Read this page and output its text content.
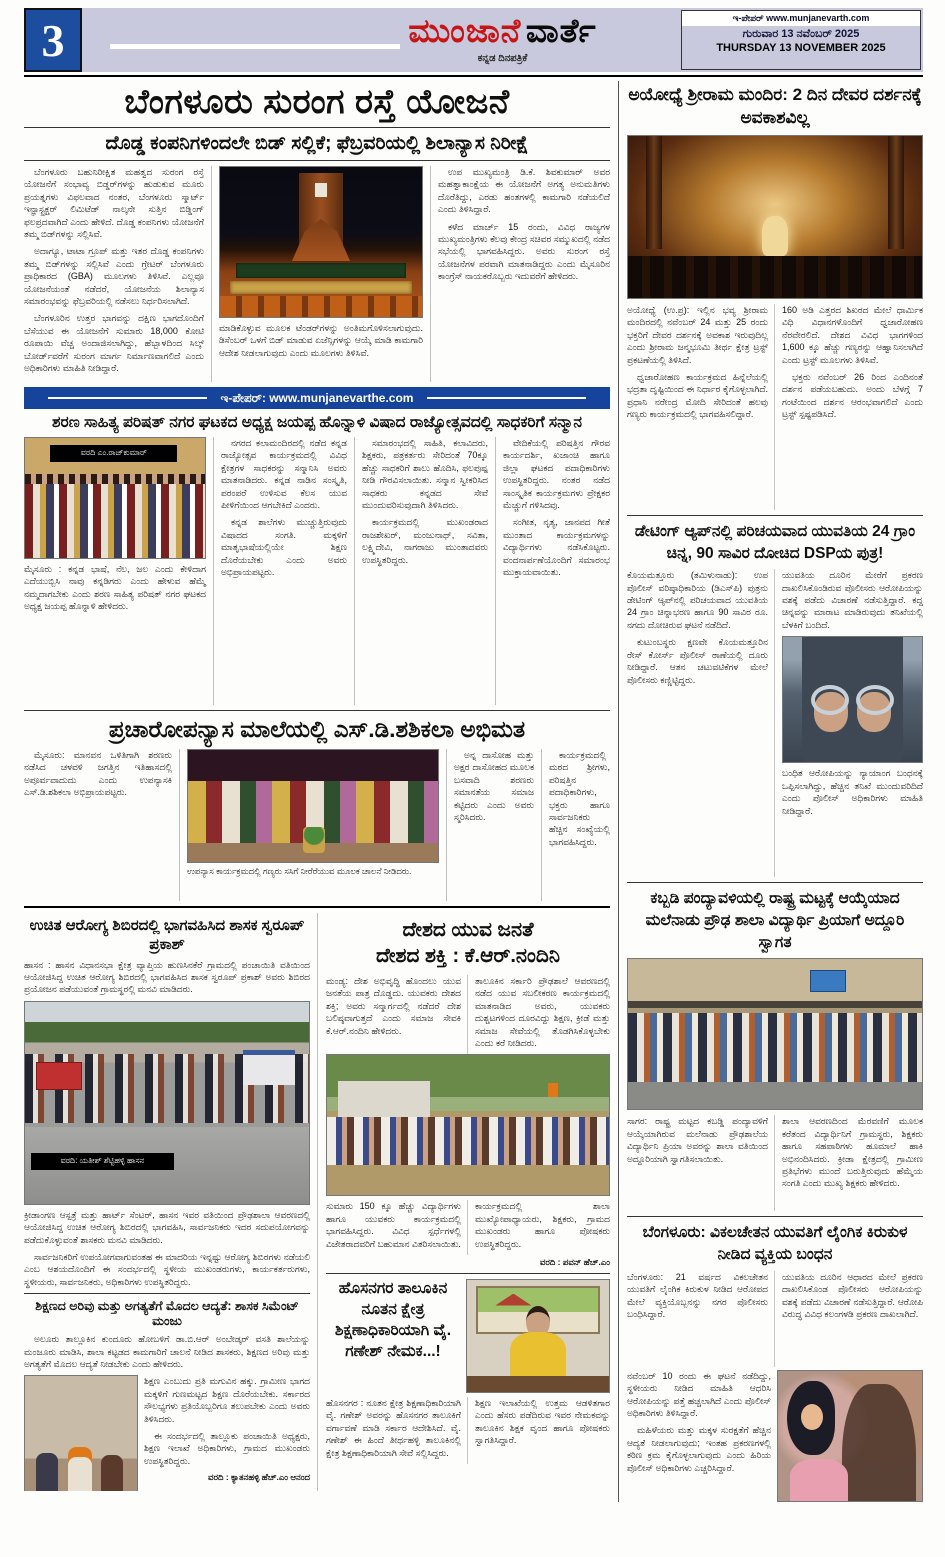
3	ಮುಂಜಾನೆ ವಾರ್ತೆ
ಕನ್ನಡ ದಿನಪತ್ರಿಕೆ
ಇ-ಪೇಪರ್ www.munjanevarth.com
ಗುರುವಾರ 13 ನವೆಂಬರ್ 2025
THURSDAY 13 NOVEMBER 2025
ಬೆಂಗಳೂರು ಸುರಂಗ ರಸ್ತೆ ಯೋಜನೆ
ದೊಡ್ಡ ಕಂಪನಿಗಳಿಂದಲೇ ಬಿಡ್ ಸಲ್ಲಿಕೆ; ಫೆಬ್ರವರಿಯಲ್ಲಿ ಶಿಲಾನ್ಯಾಸ ನಿರೀಕ್ಷೆ

ಬೆಂಗಳೂರು ಬಹುನಿರೀಕ್ಷಿತ ಮಹತ್ವದ ಸುರಂಗ ರಸ್ತೆ ಯೋಜನೆಗೆ ಸಂಭಾವ್ಯ ಬಿಡ್ಡರ್‌ಗಳನ್ನು ಹುಡುಕುವ ಮೂರು ಪ್ರಯತ್ನಗಳು ವಿಫಲವಾದ ನಂತರ, ಬೆಂಗಳೂರು ಸ್ಮಾರ್ಟ್ ಇನ್ಫ್ರಾಸ್ಟ್ರಕ್ಚರ್ ಲಿಮಿಟೆಡ್ ನಾಲ್ಕನೇ ಸುತ್ತಿನ ಬಿಡ್ಡಿಂಗ್ ಫಲಪ್ರದವಾಗಿದೆ ಎಂದು ಹೇಳಿದೆ. ದೊಡ್ಡ ಕಂಪನಿಗಳು ಯೋಜನೆಗೆ ತಮ್ಮ ಬಿಡ್‌ಗಳನ್ನು ಸಲ್ಲಿಸಿವೆ.

ಅದಾಗ್ಯೂ, ಟಾಟಾ ಗ್ರೂಪ್ ಮತ್ತು ಇತರ ದೊಡ್ಡ ಕಂಪನಿಗಳು ತಮ್ಮ ಬಿಡ್‌ಗಳನ್ನು ಸಲ್ಲಿಸಿವೆ ಎಂದು ಗ್ರೇಟರ್ ಬೆಂಗಳೂರು ಪ್ರಾಧಿಕಾರದ (GBA) ಮೂಲಗಳು ತಿಳಿಸಿವೆ. ಎಲ್ಲವೂ ಯೋಜನೆಯಂತೆ ನಡೆದರೆ, ಯೋಜನೆಯ ಶಿಲಾನ್ಯಾಸ ಸಮಾರಂಭವನ್ನು ಫೆಬ್ರವರಿಯಲ್ಲಿ ನಡೆಸಲು ನಿರ್ಧರಿಸಲಾಗಿದೆ.

ಬೆಂಗಳೂರಿನ ಉತ್ತರ ಭಾಗವನ್ನು ದಕ್ಷಿಣ ಭಾಗದೊಂದಿಗೆ ಬೆಸೆಯುವ ಈ ಯೋಜನೆಗೆ ಸುಮಾರು 18,000 ಕೋಟಿ ರೂಪಾಯಿ ವೆಚ್ಚ ಅಂದಾಜಿಸಲಾಗಿದ್ದು, ಹೆಬ್ಬಾಳದಿಂದ ಸಿಲ್ಕ್ ಬೋರ್ಡ್‌ವರೆಗೆ ಸುರಂಗ ಮಾರ್ಗ ನಿರ್ಮಾಣವಾಗಲಿದೆ ಎಂದು ಅಧಿಕಾರಿಗಳು ಮಾಹಿತಿ ನೀಡಿದ್ದಾರೆ.

ಮಾಡಿಕೊಳ್ಳುವ ಮೂಲಕ ಟೆಂಡರ್‌ಗಳನ್ನು ಅಂತಿಮಗೊಳಿಸಲಾಗುವುದು. ಡಿಸೆಂಬರ್ ಒಳಗೆ ಬಿಡ್ ಮಾಡುವ ಏಜೆನ್ಸಿಗಳನ್ನು ಆಯ್ಕೆ ಮಾಡಿ ಕಾಮಗಾರಿ ಆದೇಶ ನೀಡಲಾಗುವುದು ಎಂದು ಮೂಲಗಳು ತಿಳಿಸಿವೆ.

ಉಪ ಮುಖ್ಯಮಂತ್ರಿ ಡಿ.ಕೆ. ಶಿವಕುಮಾರ್ ಅವರ ಮಹತ್ವಾಕಾಂಕ್ಷೆಯ ಈ ಯೋಜನೆಗೆ ಅಗತ್ಯ ಅನುಮತಿಗಳು ದೊರೆತಿದ್ದು, ಎರಡು ಹಂತಗಳಲ್ಲಿ ಕಾಮಗಾರಿ ನಡೆಯಲಿದೆ ಎಂದು ತಿಳಿಸಿದ್ದಾರೆ.

ಕಳೆದ ಮಾರ್ಚ್ 15 ರಂದು, ವಿವಿಧ ರಾಜ್ಯಗಳ ಮುಖ್ಯಮಂತ್ರಿಗಳು ಕೆಲವು ಕೇಂದ್ರ ಸಚಿವರ ಸಮ್ಮುಖದಲ್ಲಿ ನಡೆದ ಸಭೆಯಲ್ಲಿ ಭಾಗವಹಿಸಿದ್ದರು. ಅವರು ಸುರಂಗ ರಸ್ತೆ ಯೋಜನೆಗಳ ಪರವಾಗಿ ಮಾತನಾಡಿದ್ದರು ಎಂದು ಮೈಸೂರಿನ ಕಾಂಗ್ರೆಸ್ ನಾಯಕರೊಬ್ಬರು ಇದುವರೆಗೆ ಹೇಳಿದರು.

ಇ-ಪೇಪರ್: www.munjanevarthe.com
ಶರಣ ಸಾಹಿತ್ಯ ಪರಿಷತ್ ನಗರ ಘಟಕದ ಅಧ್ಯಕ್ಷ ಜಯಪ್ಪ ಹೊನ್ನಾಳಿ ವಿಷಾದ ರಾಜ್ಯೋತ್ಸವದಲ್ಲಿ ಸಾಧಕರಿಗೆ ಸನ್ಮಾನ
ವರದಿ ಎಂ.ರಾಜ್‌ಕುಮಾರ್

ಮೈಸೂರು : ಕನ್ನಡ ಭಾಷೆ, ನೆಲ, ಜಲ ಎಂದು ಕೇಳಿದಾಗ ಎದೆಯುಬ್ಬಿಸಿ ನಾವು ಕನ್ನಡಿಗರು ಎಂದು ಹೇಳುವ ಹೆಮ್ಮೆ ನಮ್ಮದಾಗಬೇಕು ಎಂದು ಶರಣ ಸಾಹಿತ್ಯ ಪರಿಷತ್ ನಗರ ಘಟಕದ ಅಧ್ಯಕ್ಷ ಜಯಪ್ಪ ಹೊನ್ನಾಳಿ ಹೇಳಿದರು.

ನಗರದ ಕಲಾಮಂದಿರದಲ್ಲಿ ನಡೆದ ಕನ್ನಡ ರಾಜ್ಯೋತ್ಸವ ಕಾರ್ಯಕ್ರಮದಲ್ಲಿ ವಿವಿಧ ಕ್ಷೇತ್ರಗಳ ಸಾಧಕರನ್ನು ಸನ್ಮಾನಿಸಿ ಅವರು ಮಾತನಾಡಿದರು. ಕನ್ನಡ ನಾಡಿನ ಸಂಸ್ಕೃತಿ, ಪರಂಪರೆ ಉಳಿಸುವ ಕೆಲಸ ಯುವ ಪೀಳಿಗೆಯಿಂದ ಆಗಬೇಕಿದೆ ಎಂದರು.

ಕನ್ನಡ ಶಾಲೆಗಳು ಮುಚ್ಚುತ್ತಿರುವುದು ವಿಷಾದದ ಸಂಗತಿ. ಮಕ್ಕಳಿಗೆ ಮಾತೃಭಾಷೆಯಲ್ಲಿಯೇ ಶಿಕ್ಷಣ ದೊರೆಯಬೇಕು ಎಂದು ಅವರು ಅಭಿಪ್ರಾಯಪಟ್ಟರು.

ಸಮಾರಂಭದಲ್ಲಿ ಸಾಹಿತಿ, ಕಲಾವಿದರು, ಶಿಕ್ಷಕರು, ಪತ್ರಕರ್ತರು ಸೇರಿದಂತೆ 70ಕ್ಕೂ ಹೆಚ್ಚು ಸಾಧಕರಿಗೆ ಶಾಲು ಹೊದಿಸಿ, ಫಲಪುಷ್ಪ ನೀಡಿ ಗೌರವಿಸಲಾಯಿತು. ಸನ್ಮಾನ ಸ್ವೀಕರಿಸಿದ ಸಾಧಕರು ಕನ್ನಡದ ಸೇವೆ ಮುಂದುವರಿಸುವುದಾಗಿ ತಿಳಿಸಿದರು.

ಕಾರ್ಯಕ್ರಮದಲ್ಲಿ ಮುಖಂಡರಾದ ರಾಜಶೇಖರ್, ಮಂಜುನಾಥ್, ಸವಿತಾ, ಲಕ್ಷ್ಮಿದೇವಿ, ನಾಗರಾಜು ಮುಂತಾದವರು ಉಪಸ್ಥಿತರಿದ್ದರು.

ವೇದಿಕೆಯಲ್ಲಿ ಪರಿಷತ್ತಿನ ಗೌರವ ಕಾರ್ಯದರ್ಶಿ, ಖಜಾಂಚಿ ಹಾಗೂ ಜಿಲ್ಲಾ ಘಟಕದ ಪದಾಧಿಕಾರಿಗಳು ಉಪಸ್ಥಿತರಿದ್ದರು. ನಂತರ ನಡೆದ ಸಾಂಸ್ಕೃತಿಕ ಕಾರ್ಯಕ್ರಮಗಳು ಪ್ರೇಕ್ಷಕರ ಮೆಚ್ಚುಗೆ ಗಳಿಸಿದವು.

ಸಂಗೀತ, ನೃತ್ಯ, ಜಾನಪದ ಗೀತೆ ಮುಂತಾದ ಕಾರ್ಯಕ್ರಮಗಳನ್ನು ವಿದ್ಯಾರ್ಥಿಗಳು ನಡೆಸಿಕೊಟ್ಟರು. ವಂದನಾರ್ಪಣೆಯೊಂದಿಗೆ ಸಮಾರಂಭ ಮುಕ್ತಾಯವಾಯಿತು.

ಪ್ರಚಾರೋಪನ್ಯಾಸ ಮಾಲೆಯಲ್ಲಿ ಎಸ್.ಡಿ.ಶಶಿಕಲಾ ಅಭಿಮತ

ಮೈಸೂರು: ಮಾನವನ ಒಳಿತಿಗಾಗಿ ಶರಣರು ನಡೆಸಿದ ಚಳವಳಿ ಜಗತ್ತಿನ ಇತಿಹಾಸದಲ್ಲಿ ಅಪೂರ್ವವಾದುದು ಎಂದು ಉಪನ್ಯಾಸಕಿ ಎಸ್.ಡಿ.ಶಶಿಕಲಾ ಅಭಿಪ್ರಾಯಪಟ್ಟರು.

ಉಪನ್ಯಾಸ ಕಾರ್ಯಕ್ರಮದಲ್ಲಿ ಗಣ್ಯರು ಸಸಿಗೆ ನೀರೆರೆಯುವ ಮೂಲಕ ಚಾಲನೆ ನೀಡಿದರು.

ಅನ್ನ ದಾಸೋಹ ಮತ್ತು ಅಕ್ಷರ ದಾಸೋಹದ ಮೂಲಕ ಬಸವಾದಿ ಶರಣರು ಸಮಾನತೆಯ ಸಮಾಜ ಕಟ್ಟಿದರು ಎಂದು ಅವರು ಸ್ಮರಿಸಿದರು.

ಕಾರ್ಯಕ್ರಮದಲ್ಲಿ ಮಠದ ಶ್ರೀಗಳು, ಪರಿಷತ್ತಿನ ಪದಾಧಿಕಾರಿಗಳು, ಭಕ್ತರು ಹಾಗೂ ಸಾರ್ವಜನಿಕರು ಹೆಚ್ಚಿನ ಸಂಖ್ಯೆಯಲ್ಲಿ ಭಾಗವಹಿಸಿದ್ದರು.

ಉಚಿತ ಆರೋಗ್ಯ ಶಿಬಿರದಲ್ಲಿ ಭಾಗವಹಿಸಿದ ಶಾಸಕ ಸ್ವರೂಪ್ ಪ್ರಕಾಶ್

ಹಾಸನ : ಹಾಸನ ವಿಧಾನಸಭಾ ಕ್ಷೇತ್ರ ವ್ಯಾಪ್ತಿಯ ಹುಣಸಿನಕೆರೆ ಗ್ರಾಮದಲ್ಲಿ ಪಂಚಾಯಿತಿ ವತಿಯಿಂದ ಆಯೋಜಿಸಿದ್ದ ಉಚಿತ ಆರೋಗ್ಯ ಶಿಬಿರದಲ್ಲಿ ಭಾಗವಹಿಸಿದ ಶಾಸಕ ಸ್ವರೂಪ್ ಪ್ರಕಾಶ್ ಅವರು ಶಿಬಿರದ ಪ್ರಯೋಜನ ಪಡೆಯುವಂತೆ ಗ್ರಾಮಸ್ಥರಲ್ಲಿ ಮನವಿ ಮಾಡಿದರು.

ವರದಿ: ಯತೀಶ್ ಶೆಟ್ಟಿಹಳ್ಳಿ ಹಾಸನ

ಕ್ರೀಡಾಂಗಣ ಆಸ್ಪತ್ರೆ ಮತ್ತು ಹಾರ್ಟ್ ಸೆಂಟರ್, ಹಾಸನ ಇವರ ವತಿಯಿಂದ ಪ್ರೌಢಶಾಲಾ ಆವರಣದಲ್ಲಿ ಆಯೋಜಿಸಿದ್ದ ಉಚಿತ ಆರೋಗ್ಯ ಶಿಬಿರದಲ್ಲಿ ಭಾಗವಹಿಸಿ, ಸಾರ್ವಜನಿಕರು ಇದರ ಸದುಪಯೋಗವನ್ನು ಪಡೆದುಕೊಳ್ಳುವಂತೆ ಶಾಸಕರು ಮನವಿ ಮಾಡಿದರು.

ಸಾರ್ವಜನಿಕರಿಗೆ ಉಪಯೋಗವಾಗುವಂತಹ ಈ ಮಾದರಿಯ ಇನ್ನಷ್ಟು ಆರೋಗ್ಯ ಶಿಬಿರಗಳು ನಡೆಯಲಿ ಎಂಬ ಆಶಯದೊಂದಿಗೆ ಈ ಸಂದರ್ಭದಲ್ಲಿ ಸ್ಥಳೀಯ ಮುಖಂಡರುಗಳು, ಕಾರ್ಯಕರ್ತರುಗಳು, ಸ್ಥಳೀಯರು, ಸಾರ್ವಜನಿಕರು, ಅಧಿಕಾರಿಗಳು ಉಪಸ್ಥಿತರಿದ್ದರು.

ಶಿಕ್ಷಣದ ಅರಿವು ಮತ್ತು ಅಗತ್ಯತೆಗೆ ಮೊದಲ ಆದ್ಯತೆ: ಶಾಸಕ ಸಿಮೆಂಟ್ ಮಂಜು

ಅಲೂರು ತಾಲ್ಲೂಕಿನ ಕುಂದೂರು ಹೋಬಳಿಗೆ ಡಾ.ಬಿ.ಆರ್ ಅಂಬೇಡ್ಕರ್ ವಸತಿ ಶಾಲೆಯನ್ನು ಮಂಜೂರು ಮಾಡಿಸಿ, ಶಾಲಾ ಕಟ್ಟಡದ ಕಾಮಗಾರಿಗೆ ಚಾಲನೆ ನೀಡಿದ ಶಾಸಕರು, ಶಿಕ್ಷಣದ ಅರಿವು ಮತ್ತು ಅಗತ್ಯತೆಗೆ ಮೊದಲ ಆದ್ಯತೆ ನೀಡಬೇಕು ಎಂದು ಹೇಳಿದರು.

ಶಿಕ್ಷಣ ಎಂಬುದು ಪ್ರತಿ ಮಗುವಿನ ಹಕ್ಕು. ಗ್ರಾಮೀಣ ಭಾಗದ ಮಕ್ಕಳಿಗೆ ಗುಣಮಟ್ಟದ ಶಿಕ್ಷಣ ದೊರೆಯಬೇಕು. ಸರ್ಕಾರದ ಸೌಲಭ್ಯಗಳು ಪ್ರತಿಯೊಬ್ಬರಿಗೂ ತಲುಪಬೇಕು ಎಂದು ಅವರು ತಿಳಿಸಿದರು.

ಈ ಸಂದರ್ಭದಲ್ಲಿ ತಾಲ್ಲೂಕು ಪಂಚಾಯಿತಿ ಅಧ್ಯಕ್ಷರು, ಶಿಕ್ಷಣ ಇಲಾಖೆ ಅಧಿಕಾರಿಗಳು, ಗ್ರಾಮದ ಮುಖಂಡರು ಉಪಸ್ಥಿತರಿದ್ದರು.

ವರದಿ : ಕ್ಯಾತನಹಳ್ಳಿ ಹೆಚ್.ಎಂ ಆನಂದ
ದೇಶದ ಯುವ ಜನತೆ
ದೇಶದ ಶಕ್ತಿ : ಕೆ.ಆರ್.ನಂದಿನಿ

ಮಂಡ್ಯ: ದೇಶ ಅಭಿವೃದ್ಧಿ ಹೊಂದಲು ಯುವ ಜನತೆಯ ಪಾತ್ರ ದೊಡ್ಡದು. ಯುವಕರು ದೇಶದ ಶಕ್ತಿ; ಅವರು ಸನ್ಮಾರ್ಗದಲ್ಲಿ ನಡೆದರೆ ದೇಶ ಬಲಿಷ್ಠವಾಗುತ್ತದೆ ಎಂದು ಸಮಾಜ ಸೇವಕಿ ಕೆ.ಆರ್.ನಂದಿನಿ ಹೇಳಿದರು.

ತಾಲೂಕಿನ ಸರ್ಕಾರಿ ಪ್ರೌಢಶಾಲೆ ಆವರಣದಲ್ಲಿ ನಡೆದ ಯುವ ಸಬಲೀಕರಣ ಕಾರ್ಯಕ್ರಮದಲ್ಲಿ ಮಾತನಾಡಿದ ಅವರು, ಯುವಕರು ದುಶ್ಚಟಗಳಿಂದ ದೂರವಿದ್ದು ಶಿಕ್ಷಣ, ಕ್ರೀಡೆ ಮತ್ತು ಸಮಾಜ ಸೇವೆಯಲ್ಲಿ ತೊಡಗಿಸಿಕೊಳ್ಳಬೇಕು ಎಂದು ಕರೆ ನೀಡಿದರು.

ಸುಮಾರು 150 ಕ್ಕೂ ಹೆಚ್ಚು ವಿದ್ಯಾರ್ಥಿಗಳು ಹಾಗೂ ಯುವಕರು ಕಾರ್ಯಕ್ರಮದಲ್ಲಿ ಭಾಗವಹಿಸಿದ್ದರು. ವಿವಿಧ ಸ್ಪರ್ಧೆಗಳಲ್ಲಿ ವಿಜೇತರಾದವರಿಗೆ ಬಹುಮಾನ ವಿತರಿಸಲಾಯಿತು.

ಕಾರ್ಯಕ್ರಮದಲ್ಲಿ ಶಾಲಾ ಮುಖ್ಯೋಪಾಧ್ಯಾಯರು, ಶಿಕ್ಷಕರು, ಗ್ರಾಮದ ಮುಖಂಡರು ಹಾಗೂ ಪೋಷಕರು ಉಪಸ್ಥಿತರಿದ್ದರು.

ವರದಿ : ಪವನ್ ಹೆಚ್.ಎಂ
ಹೊಸನಗರ ತಾಲೂಕಿನ ನೂತನ ಕ್ಷೇತ್ರ ಶಿಕ್ಷಣಾಧಿಕಾರಿಯಾಗಿ ವೈ. ಗಣೇಶ್ ನೇಮಕ...!

ಹೊಸನಗರ : ನೂತನ ಕ್ಷೇತ್ರ ಶಿಕ್ಷಣಾಧಿಕಾರಿಯಾಗಿ ವೈ. ಗಣೇಶ್ ಅವರನ್ನು ಹೊಸನಗರ ತಾಲೂಕಿಗೆ ವರ್ಗಾವಣೆ ಮಾಡಿ ಸರ್ಕಾರ ಆದೇಶಿಸಿದೆ. ವೈ. ಗಣೇಶ್ ಈ ಹಿಂದೆ ತೀರ್ಥಹಳ್ಳಿ ತಾಲೂಕಿನಲ್ಲಿ ಕ್ಷೇತ್ರ ಶಿಕ್ಷಣಾಧಿಕಾರಿಯಾಗಿ ಸೇವೆ ಸಲ್ಲಿಸಿದ್ದರು.

ಶಿಕ್ಷಣ ಇಲಾಖೆಯಲ್ಲಿ ಉತ್ತಮ ಆಡಳಿತಗಾರ ಎಂದು ಹೆಸರು ಪಡೆದಿರುವ ಇವರ ನೇಮಕವನ್ನು ತಾಲೂಕಿನ ಶಿಕ್ಷಕ ವೃಂದ ಹಾಗೂ ಪೋಷಕರು ಸ್ವಾಗತಿಸಿದ್ದಾರೆ.

ಅಯೋಧ್ಯೆ ಶ್ರೀರಾಮ ಮಂದಿರ: 2 ದಿನ ದೇವರ ದರ್ಶನಕ್ಕೆ ಅವಕಾಶವಿಲ್ಲ

ಅಯೋಧ್ಯೆ (ಉ.ಪ್ರ): ಇಲ್ಲಿನ ಭವ್ಯ ಶ್ರೀರಾಮ ಮಂದಿರದಲ್ಲಿ ನವೆಂಬರ್ 24 ಮತ್ತು 25 ರಂದು ಭಕ್ತರಿಗೆ ದೇವರ ದರ್ಶನಕ್ಕೆ ಅವಕಾಶ ಇರುವುದಿಲ್ಲ ಎಂದು ಶ್ರೀರಾಮ ಜನ್ಮಭೂಮಿ ತೀರ್ಥ ಕ್ಷೇತ್ರ ಟ್ರಸ್ಟ್ ಪ್ರಕಟಣೆಯಲ್ಲಿ ತಿಳಿಸಿದೆ.

ಧ್ವಜಾರೋಹಣ ಕಾರ್ಯಕ್ರಮದ ಹಿನ್ನೆಲೆಯಲ್ಲಿ ಭದ್ರತಾ ದೃಷ್ಟಿಯಿಂದ ಈ ನಿರ್ಧಾರ ಕೈಗೊಳ್ಳಲಾಗಿದೆ. ಪ್ರಧಾನಿ ನರೇಂದ್ರ ಮೋದಿ ಸೇರಿದಂತೆ ಹಲವು ಗಣ್ಯರು ಕಾರ್ಯಕ್ರಮದಲ್ಲಿ ಭಾಗವಹಿಸಲಿದ್ದಾರೆ.

160 ಅಡಿ ಎತ್ತರದ ಶಿಖರದ ಮೇಲೆ ಧಾರ್ಮಿಕ ವಿಧಿ ವಿಧಾನಗಳೊಂದಿಗೆ ಧ್ವಜಾರೋಹಣ ನೆರವೇರಲಿದೆ. ದೇಶದ ವಿವಿಧ ಭಾಗಗಳಿಂದ 1,600 ಕ್ಕೂ ಹೆಚ್ಚು ಗಣ್ಯರನ್ನು ಆಹ್ವಾನಿಸಲಾಗಿದೆ ಎಂದು ಟ್ರಸ್ಟ್ ಮೂಲಗಳು ತಿಳಿಸಿವೆ.

ಭಕ್ತರು ನವೆಂಬರ್ 26 ರಿಂದ ಎಂದಿನಂತೆ ದರ್ಶನ ಪಡೆಯಬಹುದು. ಅಂದು ಬೆಳಗ್ಗೆ 7 ಗಂಟೆಯಿಂದ ದರ್ಶನ ಆರಂಭವಾಗಲಿದೆ ಎಂದು ಟ್ರಸ್ಟ್ ಸ್ಪಷ್ಟಪಡಿಸಿದೆ.

ಡೇಟಿಂಗ್ ಆ್ಯಪ್‌ನಲ್ಲಿ ಪರಿಚಯವಾದ ಯುವತಿಯ 24 ಗ್ರಾಂ ಚಿನ್ನ, 90 ಸಾವಿರ ದೋಚಿದ DSPಯ ಪುತ್ರ!

ಕೊಯಮತ್ತೂರು (ತಮಿಳುನಾಡು): ಉಪ ಪೊಲೀಸ್ ವರಿಷ್ಠಾಧಿಕಾರಿಯ (ಡಿಎಸ್‌ಪಿ) ಪುತ್ರನು ಡೇಟಿಂಗ್ ಆ್ಯಪ್‌ನಲ್ಲಿ ಪರಿಚಯವಾದ ಯುವತಿಯ 24 ಗ್ರಾಂ ಚಿನ್ನಾಭರಣ ಹಾಗೂ 90 ಸಾವಿರ ರೂ. ನಗದು ದೋಚಿರುವ ಘಟನೆ ನಡೆದಿದೆ.

ಕುಟುಂಬಸ್ಥರು ಕ್ಷಣವೇ ಕೊಯಮತ್ತೂರಿನ ರೇಸ್ ಕೋರ್ಸ್ ಪೊಲೀಸ್ ಠಾಣೆಯಲ್ಲಿ ದೂರು ನೀಡಿದ್ದಾರೆ. ಆತನ ಚಟುವಟಿಕೆಗಳ ಮೇಲೆ ಪೊಲೀಸರು ಕಣ್ಣಿಟ್ಟಿದ್ದರು.

ಯುವತಿಯ ದೂರಿನ ಮೇರೆಗೆ ಪ್ರಕರಣ ದಾಖಲಿಸಿಕೊಂಡಿರುವ ಪೊಲೀಸರು ಆರೋಪಿಯನ್ನು ವಶಕ್ಕೆ ಪಡೆದು ವಿಚಾರಣೆ ನಡೆಸುತ್ತಿದ್ದಾರೆ. ಕದ್ದ ಚಿನ್ನವನ್ನು ಮಾರಾಟ ಮಾಡಿರುವುದು ತನಿಖೆಯಲ್ಲಿ ಬೆಳಕಿಗೆ ಬಂದಿದೆ.

ಬಂಧಿತ ಆರೋಪಿಯನ್ನು ನ್ಯಾಯಾಂಗ ಬಂಧನಕ್ಕೆ ಒಪ್ಪಿಸಲಾಗಿದ್ದು, ಹೆಚ್ಚಿನ ತನಿಖೆ ಮುಂದುವರಿದಿದೆ ಎಂದು ಪೊಲೀಸ್ ಅಧಿಕಾರಿಗಳು ಮಾಹಿತಿ ನೀಡಿದ್ದಾರೆ.

ಕಬ್ಬಡಿ ಪಂದ್ಯಾವಳಿಯಲ್ಲಿ ರಾಷ್ಟ್ರ ಮಟ್ಟಕ್ಕೆ ಆಯ್ಕೆಯಾದ ಮಲೆನಾಡು ಪ್ರೌಢ ಶಾಲಾ ವಿದ್ಯಾರ್ಥಿ ಪ್ರಿಯಾಗೆ ಅದ್ದೂರಿ ಸ್ವಾಗತ

ಸಾಗರ: ರಾಷ್ಟ್ರ ಮಟ್ಟದ ಕಬಡ್ಡಿ ಪಂದ್ಯಾವಳಿಗೆ ಆಯ್ಕೆಯಾಗಿರುವ ಮಲೆನಾಡು ಪ್ರೌಢಶಾಲೆಯ ವಿದ್ಯಾರ್ಥಿನಿ ಪ್ರಿಯಾ ಅವರನ್ನು ಶಾಲಾ ವತಿಯಿಂದ ಅದ್ದೂರಿಯಾಗಿ ಸ್ವಾಗತಿಸಲಾಯಿತು.

ಶಾಲಾ ಆವರಣದಿಂದ ಮೆರವಣಿಗೆ ಮೂಲಕ ಕರೆತಂದ ವಿದ್ಯಾರ್ಥಿನಿಗೆ ಗ್ರಾಮಸ್ಥರು, ಶಿಕ್ಷಕರು ಹಾಗೂ ಸಹಪಾಠಿಗಳು ಹೂಮಾಲೆ ಹಾಕಿ ಅಭಿನಂದಿಸಿದರು. ಕ್ರೀಡಾ ಕ್ಷೇತ್ರದಲ್ಲಿ ಗ್ರಾಮೀಣ ಪ್ರತಿಭೆಗಳು ಮುಂದೆ ಬರುತ್ತಿರುವುದು ಹೆಮ್ಮೆಯ ಸಂಗತಿ ಎಂದು ಮುಖ್ಯ ಶಿಕ್ಷಕರು ಹೇಳಿದರು.

ಬೆಂಗಳೂರು: ವಿಕಲಚೇತನ ಯುವತಿಗೆ ಲೈಂಗಿಕ ಕಿರುಕುಳ ನೀಡಿದ ವ್ಯಕ್ತಿಯ ಬಂಧನ

ಬೆಂಗಳೂರು: 21 ವರ್ಷದ ವಿಕಲಚೇತನ ಯುವತಿಗೆ ಲೈಂಗಿಕ ಕಿರುಕುಳ ನೀಡಿದ ಆರೋಪದ ಮೇಲೆ ವ್ಯಕ್ತಿಯೊಬ್ಬನನ್ನು ನಗರ ಪೊಲೀಸರು ಬಂಧಿಸಿದ್ದಾರೆ.

ಯುವತಿಯ ದೂರಿನ ಆಧಾರದ ಮೇಲೆ ಪ್ರಕರಣ ದಾಖಲಿಸಿಕೊಂಡ ಪೊಲೀಸರು ಆರೋಪಿಯನ್ನು ವಶಕ್ಕೆ ಪಡೆದು ವಿಚಾರಣೆ ನಡೆಸುತ್ತಿದ್ದಾರೆ. ಆರೋಪಿ ವಿರುದ್ಧ ವಿವಿಧ ಕಲಂಗಳಡಿ ಪ್ರಕರಣ ದಾಖಲಾಗಿದೆ.

ನವೆಂಬರ್ 10 ರಂದು ಈ ಘಟನೆ ನಡೆದಿದ್ದು, ಸ್ಥಳೀಯರು ನೀಡಿದ ಮಾಹಿತಿ ಆಧರಿಸಿ ಆರೋಪಿಯನ್ನು ಪತ್ತೆ ಹಚ್ಚಲಾಗಿದೆ ಎಂದು ಪೊಲೀಸ್ ಅಧಿಕಾರಿಗಳು ತಿಳಿಸಿದ್ದಾರೆ.

ಮಹಿಳೆಯರು ಮತ್ತು ಮಕ್ಕಳ ಸುರಕ್ಷತೆಗೆ ಹೆಚ್ಚಿನ ಆದ್ಯತೆ ನೀಡಲಾಗುವುದು; ಇಂತಹ ಪ್ರಕರಣಗಳಲ್ಲಿ ಕಠಿಣ ಕ್ರಮ ಕೈಗೊಳ್ಳಲಾಗುವುದು ಎಂದು ಹಿರಿಯ ಪೊಲೀಸ್ ಅಧಿಕಾರಿಗಳು ಎಚ್ಚರಿಸಿದ್ದಾರೆ.
